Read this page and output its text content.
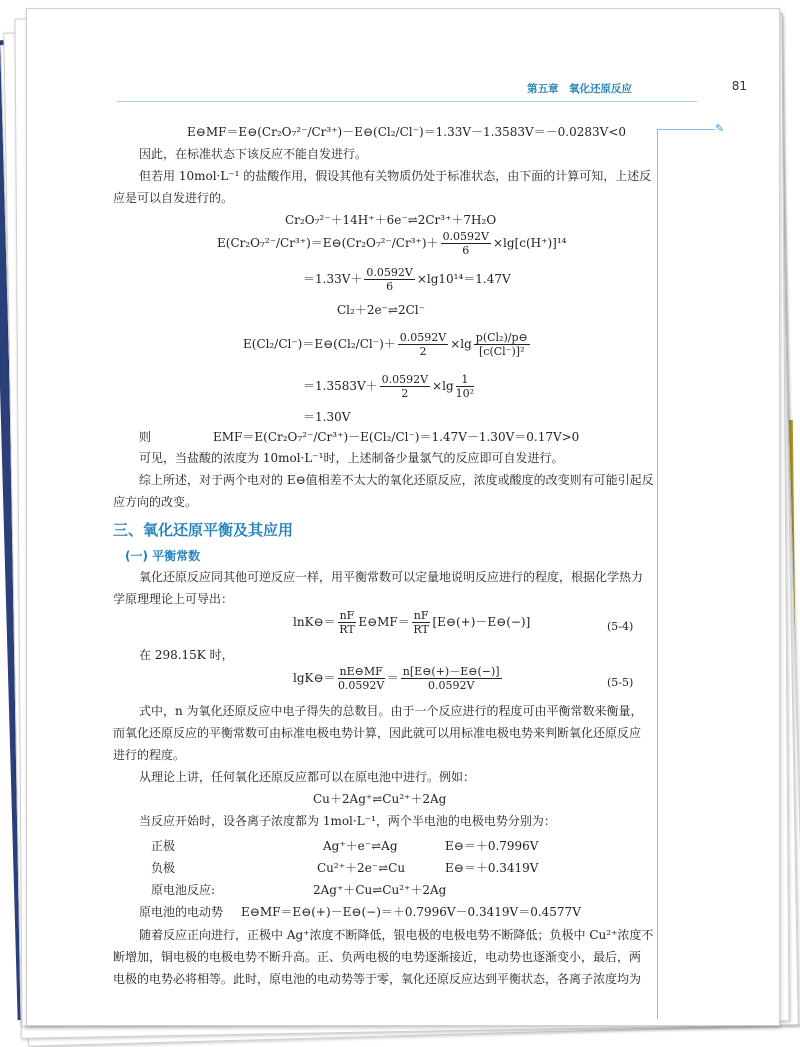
第五章　氧化还原反应	81
✎
E⊖MF＝E⊖(Cr₂O₇²⁻/Cr³⁺)－E⊖(Cl₂/Cl⁻)＝1.33V－1.3583V＝－0.0283V<0
因此，在标准状态下该反应不能自发进行。
但若用 10mol·L⁻¹ 的盐酸作用，假设其他有关物质仍处于标准状态，由下面的计算可知，上述反
应是可以自发进行的。
Cr₂O₇²⁻＋14H⁺＋6e⁻⇌2Cr³⁺＋7H₂O
E(Cr₂O₇²⁻/Cr³⁺)＝E⊖(Cr₂O₇²⁻/Cr³⁺)＋ $\frac{0.0592V}{6} \times\lg[c(H^+)]^{14}$
$=1.33V+ \frac{0.0592V}{6} \times\lg 10^{14}=1.47V$
Cl₂＋2e⁻⇌2Cl⁻
E(Cl₂/Cl⁻)＝E⊖(Cl₂/Cl⁻)＋ $\frac{0.0592V}{2} \times\lg \frac{\text{p(Cl₂)/p⊖}}{\text{[c(Cl⁻)]²}}$
$=1.3583V+ \frac{0.0592V}{2} \times\lg \frac{1}{\text{10²}}$
＝1.30V
则	EMF＝E(Cr₂O₇²⁻/Cr³⁺)－E(Cl₂/Cl⁻)＝1.47V－1.30V＝0.17V>0
可见，当盐酸的浓度为 10mol·L⁻¹时，上述制备少量氯气的反应即可自发进行。
综上所述，对于两个电对的 E⊖值相差不太大的氧化还原反应，浓度或酸度的改变则有可能引起反
应方向的改变。
三、氧化还原平衡及其应用
(一) 平衡常数
氧化还原反应同其他可逆反应一样，用平衡常数可以定量地说明反应进行的程度，根据化学热力
学原理理论上可导出：
lnK⊖＝ $\frac{nF}{RT}$ E⊖MF＝ $\frac{nF}{RT}$ [E⊖(+)－E⊖(−)]	(5-4)
在 298.15K 时，
lgK⊖＝ $\frac{nE⊖MF}{0.0592V} = \frac{n[E⊖(+)-E⊖(-)]}{0.0592V}$	(5-5)
式中，n 为氧化还原反应中电子得失的总数目。由于一个反应进行的程度可由平衡常数来衡量，
而氧化还原反应的平衡常数可由标准电极电势计算，因此就可以用标准电极电势来判断氧化还原反应
进行的程度。
从理论上讲，任何氧化还原反应都可以在原电池中进行。例如：
Cu＋2Ag⁺⇌Cu²⁺＋2Ag
当反应开始时，设各离子浓度都为 1mol·L⁻¹，两个半电池的电极电势分别为：
正极	Ag⁺＋e⁻⇌Ag	E⊖＝＋0.7996V
负极	Cu²⁺＋2e⁻⇌Cu	E⊖＝＋0.3419V
原电池反应:	2Ag⁺＋Cu⇌Cu²⁺＋2Ag
原电池的电动势 E⊖MF＝E⊖(+)－E⊖(−)＝＋0.7996V－0.3419V＝0.4577V
随着反应正向进行，正极中 Ag⁺浓度不断降低，银电极的电极电势不断降低；负极中 Cu²⁺浓度不
断增加，铜电极的电极电势不断升高。正、负两电极的电势逐渐接近，电动势也逐渐变小，最后，两
电极的电势必将相等。此时，原电池的电动势等于零，氧化还原反应达到平衡状态，各离子浓度均为
